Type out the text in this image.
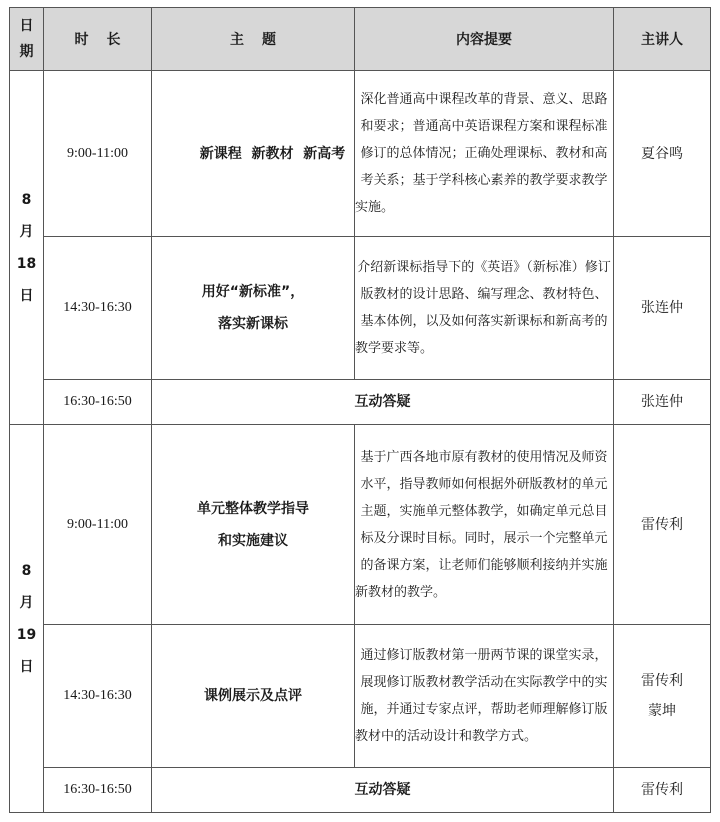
日
期	时长	主题	内容提要	主讲人

8
月
18
日	9:00-11:00	新课程  新教材  新高考	深化普通高中课程改革的背景、意义、思路和要求；普通高中英语课程方案和课程标准修订的总体情况；正确处理课标、教材和高考关系；基于学科核心素养的教学要求教学实施。	夏谷鸣

	14:30-16:30	用好“新标准”，
落实新课标	介绍新课标指导下的《英语》（新标准）修订版教材的设计思路、编写理念、教材特色、基本体例，以及如何落实新课标和新高考的教学要求等。	张连仲

	16:30-16:50	互动答疑		张连仲

8
月
19
日	9:00-11:00	单元整体教学指导
和实施建议	基于广西各地市原有教材的使用情况及师资水平，指导教师如何根据外研版教材的单元主题，实施单元整体教学，如确定单元总目标及分课时目标。同时，展示一个完整单元的备课方案，让老师们能够顺利接纳并实施新教材的教学。	雷传利

	14:30-16:30	课例展示及点评	通过修订版教材第一册两节课的课堂实录，展现修订版教材教学活动在实际教学中的实施，并通过专家点评，帮助老师理解修订版教材中的活动设计和教学方式。	雷传利
蒙坤

	16:30-16:50	互动答疑		雷传利
